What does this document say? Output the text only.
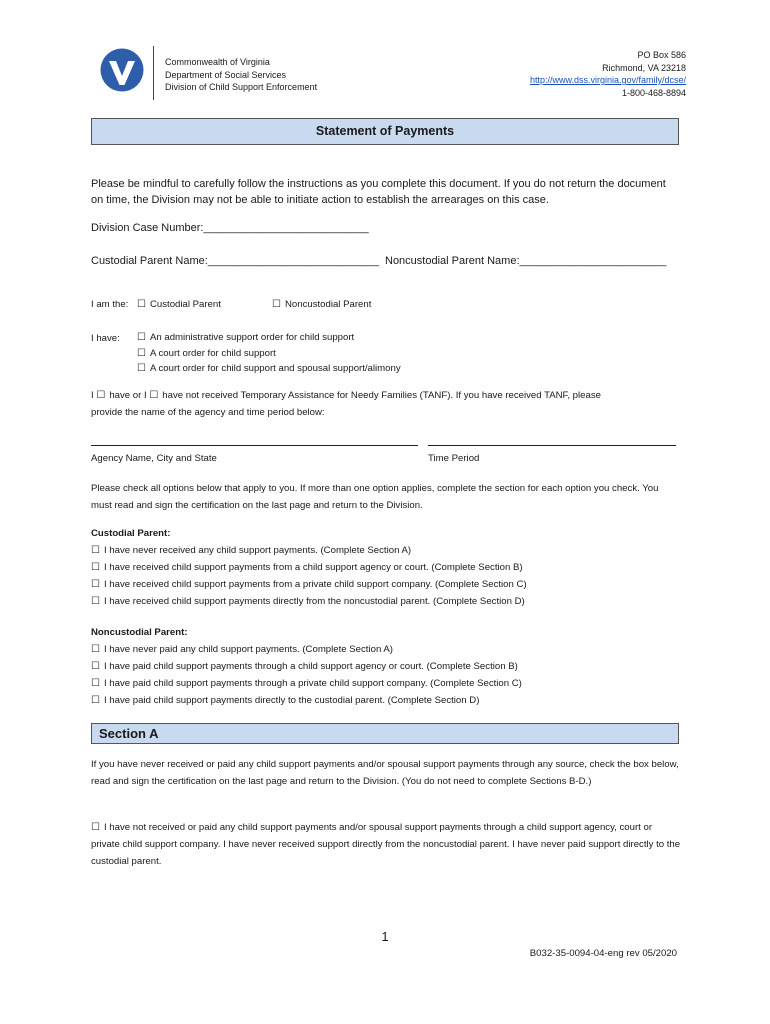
Commonwealth of Virginia
Department of Social Services
Division of Child Support Enforcement
PO Box 586
Richmond, VA 23218
http://www.dss.virginia.gov/family/dcse/
1-800-468-8894
Statement of Payments
Please be mindful to carefully follow the instructions as you complete this document. If you do not return the document on time, the Division may not be able to initiate action to establish the arrearages on this case.
Division Case Number:___________________________
Custodial Parent Name:____________________________ Noncustodial Parent Name:________________________
I am the: ☐ Custodial Parent	☐ Noncustodial Parent
I have: ☐ An administrative support order for child support
☐ A court order for child support
☐ A court order for child support and spousal support/alimony
I ☐ have or I ☐ have not received Temporary Assistance for Needy Families (TANF). If you have received TANF, please
provide the name of the agency and time period below:
Agency Name, City and State	Time Period
Please check all options below that apply to you. If more than one option applies, complete the section for each option you check. You must read and sign the certification on the last page and return to the Division.
Custodial Parent:
☐ I have never received any child support payments. (Complete Section A)
☐ I have received child support payments from a child support agency or court. (Complete Section B)
☐ I have received child support payments from a private child support company. (Complete Section C)
☐ I have received child support payments directly from the noncustodial parent. (Complete Section D)
Noncustodial Parent:
☐ I have never paid any child support payments. (Complete Section A)
☐ I have paid child support payments through a child support agency or court. (Complete Section B)
☐ I have paid child support payments through a private child support company. (Complete Section C)
☐ I have paid child support payments directly to the custodial parent. (Complete Section D)
Section A
If you have never received or paid any child support payments and/or spousal support payments through any source, check the box below, read and sign the certification on the last page and return to the Division. (You do not need to complete Sections B-D.)
☐ I have not received or paid any child support payments and/or spousal support payments through a child support agency, court or private child support company. I have never received support directly from the noncustodial parent. I have never paid support directly to the custodial parent.
1
B032-35-0094-04-eng rev 05/2020
